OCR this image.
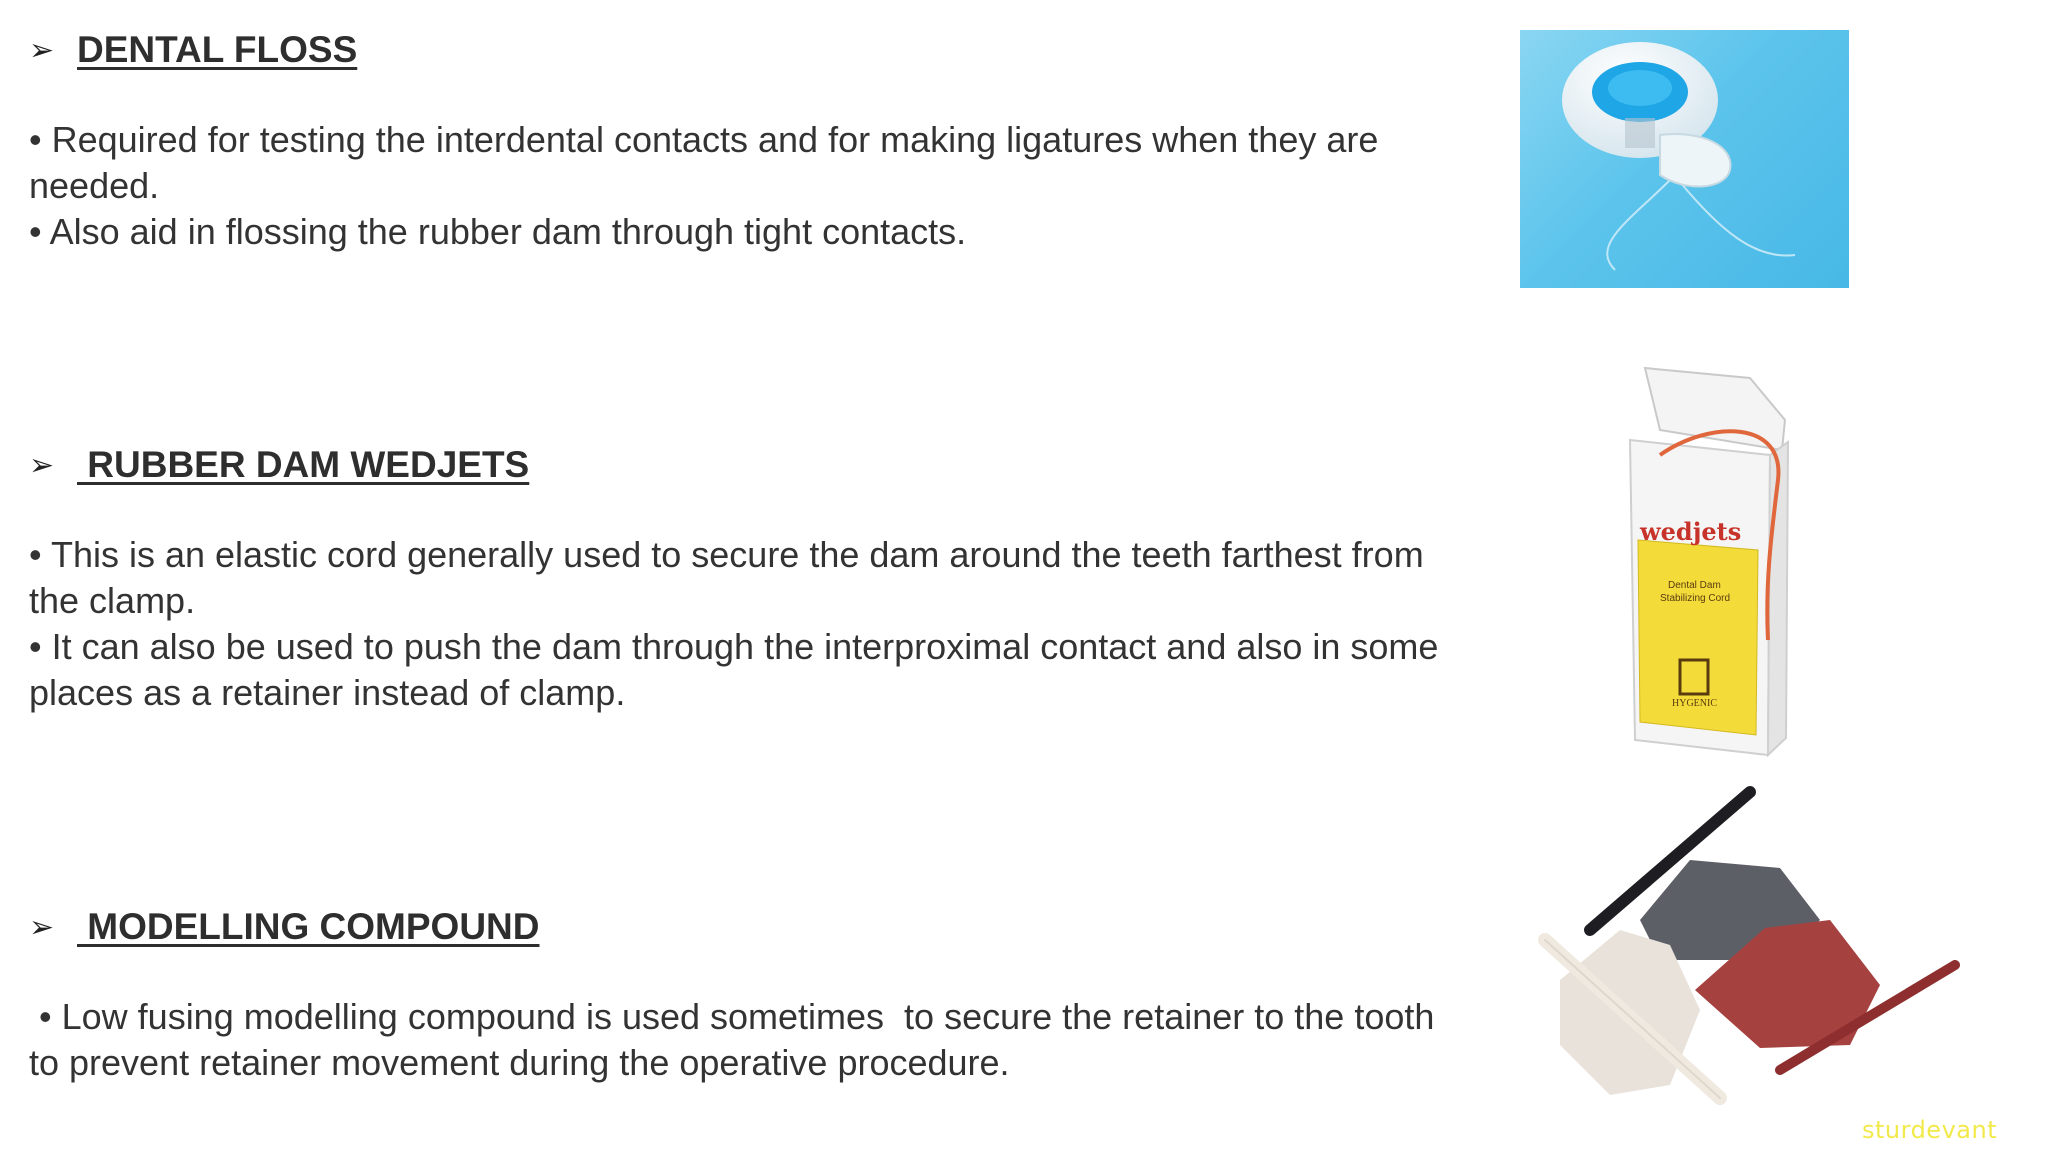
➢ DENTAL FLOSS

• Required for testing the interdental contacts and for making ligatures when they are needed.

• Also aid in flossing the rubber dam through tight contacts.

➢ RUBBER DAM WEDJETS

• This is an elastic cord generally used to secure the dam around the teeth farthest from the clamp.

• It can also be used to push the dam through the interproximal contact and also in some places as a retainer instead of clamp.

➢ MODELLING COMPOUND

• Low fusing modelling compound is used sometimes  to secure the retainer to the tooth to prevent retainer movement during the operative procedure.

wedjets
Dental Dam
Stabilizing Cord
HYGENIC
sturdevant
